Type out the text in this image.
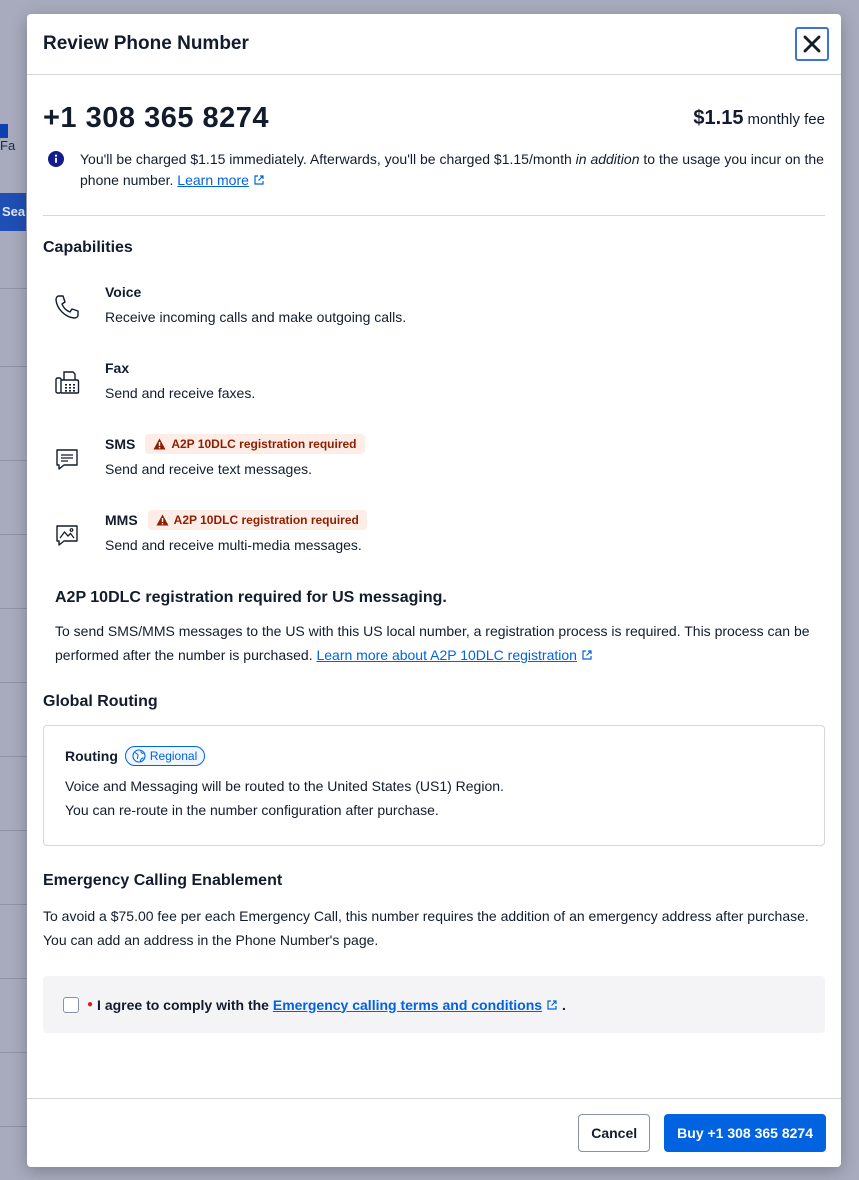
Fa
Sea
Review Phone Number
+1 308 365 8274	$1.15 monthly fee
You'll be charged $1.15 immediately. Afterwards, you'll be charged $1.15/month in addition to the usage you incur on the phone number. Learn more
Capabilities
Voice
Receive incoming calls and make outgoing calls.
Fax
Send and receive faxes.
SMS	A2P 10DLC registration required
Send and receive text messages.
MMS	A2P 10DLC registration required
Send and receive multi-media messages.
A2P 10DLC registration required for US messaging.

To send SMS/MMS messages to the US with this US local number, a registration process is required. This process can be performed after the number is purchased. Learn more about A2P 10DLC registration

Global Routing
Routing	Regional

Voice and Messaging will be routed to the United States (US1) Region.

You can re-route in the number configuration after purchase.

Emergency Calling Enablement

To avoid a $75.00 fee per each Emergency Call, this number requires the addition of an emergency address after purchase. You can add an address in the Phone Number's page.

● I agree to comply with the Emergency calling terms and conditions .
Cancel	Buy +1 308 365 8274
